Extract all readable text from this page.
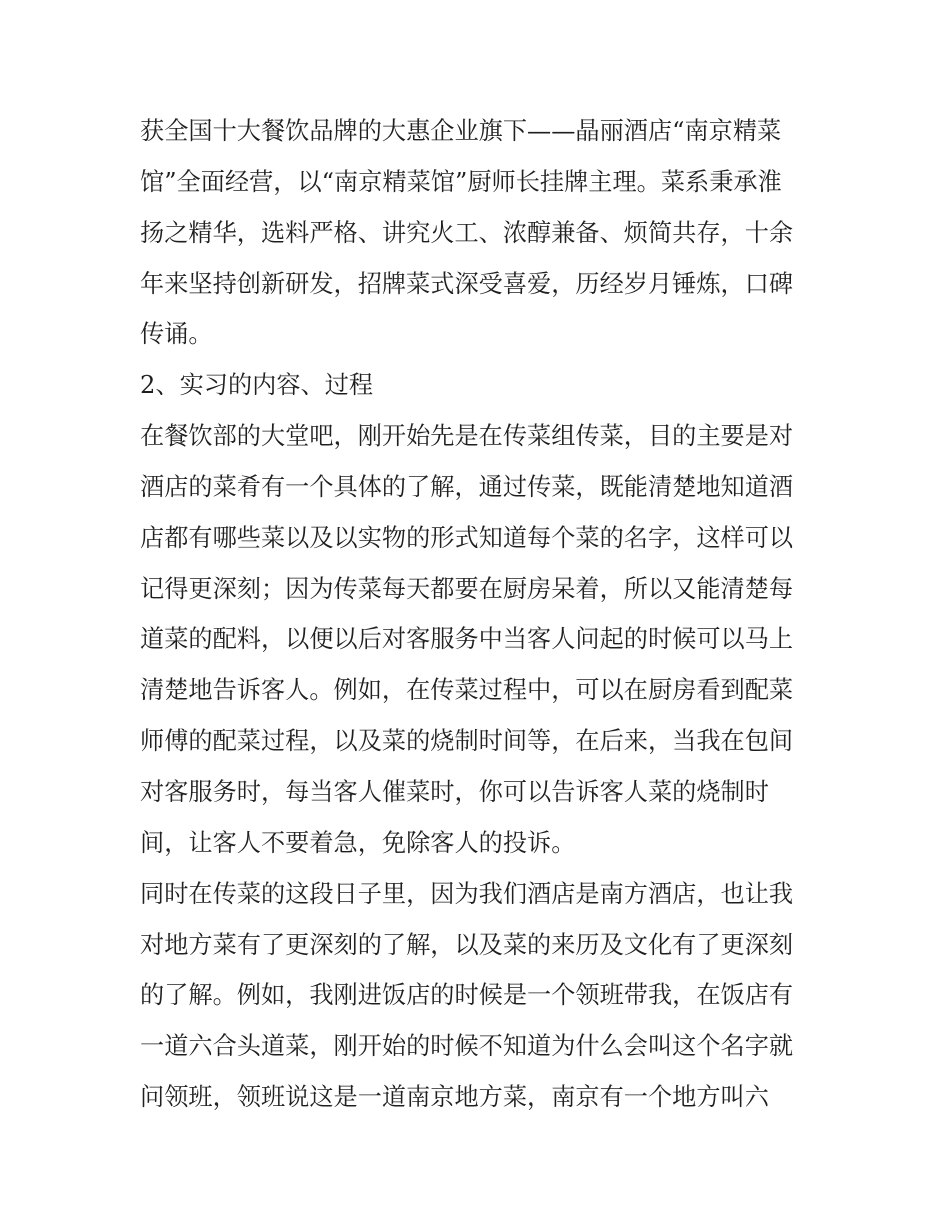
获全国十大餐饮品牌的大惠企业旗下——晶丽酒店“南京精菜
馆”全面经营，以“南京精菜馆”厨师长挂牌主理。菜系秉承淮
扬之精华，选料严格、讲究火工、浓醇兼备、烦简共存，十余
年来坚持创新研发，招牌菜式深受喜爱，历经岁月锤炼，口碑
传诵。
2、实习的内容、过程
在餐饮部的大堂吧，刚开始先是在传菜组传菜，目的主要是对
酒店的菜肴有一个具体的了解，通过传菜，既能清楚地知道酒
店都有哪些菜以及以实物的形式知道每个菜的名字，这样可以
记得更深刻；因为传菜每天都要在厨房呆着，所以又能清楚每
道菜的配料，以便以后对客服务中当客人问起的时候可以马上
清楚地告诉客人。例如，在传菜过程中，可以在厨房看到配菜
师傅的配菜过程，以及菜的烧制时间等，在后来，当我在包间
对客服务时，每当客人催菜时，你可以告诉客人菜的烧制时
间，让客人不要着急，免除客人的投诉。
同时在传菜的这段日子里，因为我们酒店是南方酒店，也让我
对地方菜有了更深刻的了解，以及菜的来历及文化有了更深刻
的了解。例如，我刚进饭店的时候是一个领班带我，在饭店有
一道六合头道菜，刚开始的时候不知道为什么会叫这个名字就
问领班，领班说这是一道南京地方菜，南京有一个地方叫六
